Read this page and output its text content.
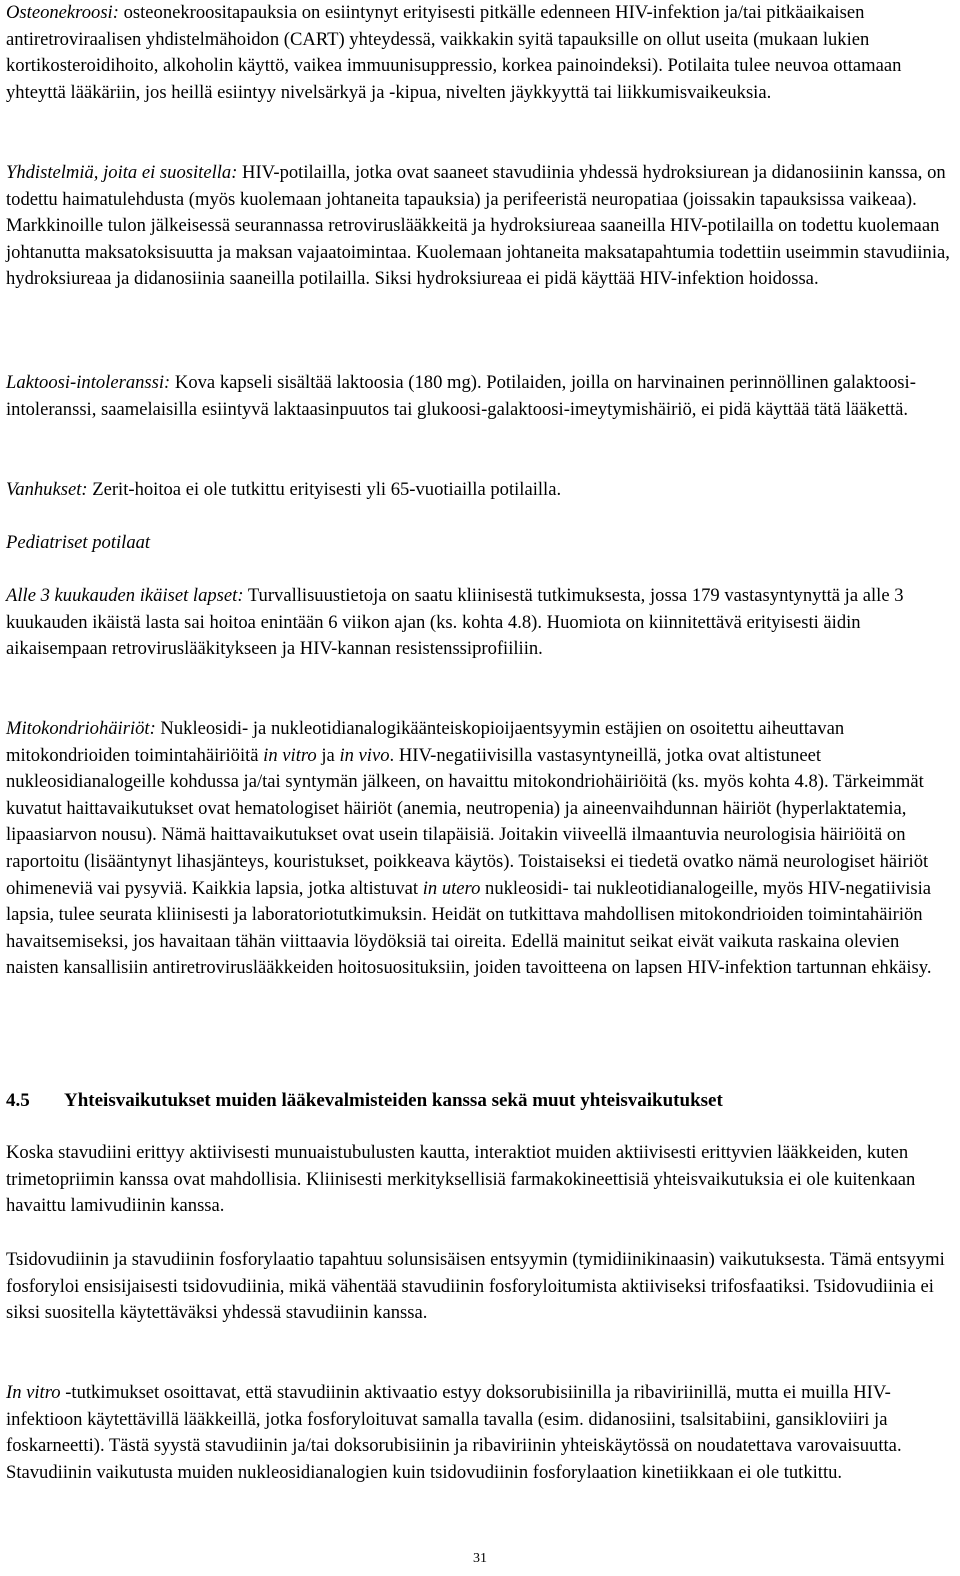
Osteonekroosi: osteonekroositapauksia on esiintynyt erityisesti pitkälle edenneen HIV-infektion ja/tai pitkäaikaisen antiretroviraalisen yhdistelmähoidon (CART) yhteydessä, vaikkakin syitä tapauksille on ollut useita (mukaan lukien kortikosteroidihoito, alkoholin käyttö, vaikea immuunisuppressio, korkea painoindeksi). Potilaita tulee neuvoa ottamaan yhteyttä lääkäriin, jos heillä esiintyy nivelsärkyä ja -kipua, nivelten jäykkyyttä tai liikkumisvaikeuksia.

Yhdistelmiä, joita ei suositella: HIV-potilailla, jotka ovat saaneet stavudiinia yhdessä hydroksiurean ja didanosiinin kanssa, on todettu haimatulehdusta (myös kuolemaan johtaneita tapauksia) ja perifeeristä neuropatiaa (joissakin tapauksissa vaikeaa). Markkinoille tulon jälkeisessä seurannassa retroviruslääkkeitä ja hydroksiureaa saaneilla HIV-potilailla on todettu kuolemaan johtanutta maksatoksisuutta ja maksan vajaatoimintaa. Kuolemaan johtaneita maksatapahtumia todettiin useimmin stavudiinia, hydroksiureaa ja didanosiinia saaneilla potilailla. Siksi hydroksiureaa ei pidä käyttää HIV-infektion hoidossa.

Laktoosi-intoleranssi: Kova kapseli sisältää laktoosia (180 mg). Potilaiden, joilla on harvinainen perinnöllinen galaktoosi-intoleranssi, saamelaisilla esiintyvä laktaasinpuutos tai glukoosi-galaktoosi-imeytymishäiriö, ei pidä käyttää tätä lääkettä.

Vanhukset: Zerit-hoitoa ei ole tutkittu erityisesti yli 65-vuotiailla potilailla.

Pediatriset potilaat

Alle 3 kuukauden ikäiset lapset: Turvallisuustietoja on saatu kliinisestä tutkimuksesta, jossa 179 vastasyntynyttä ja alle 3 kuukauden ikäistä lasta sai hoitoa enintään 6 viikon ajan (ks. kohta 4.8). Huomiota on kiinnitettävä erityisesti äidin aikaisempaan retroviruslääkitykseen ja HIV-kannan resistenssiprofiiliin.

Mitokondriohäiriöt: Nukleosidi- ja nukleotidianalogikäänteiskopioijaentsyymin estäjien on osoitettu aiheuttavan mitokondrioiden toimintahäiriöitä in vitro ja in vivo. HIV-negatiivisilla vastasyntyneillä, jotka ovat altistuneet nukleosidianalogeille kohdussa ja/tai syntymän jälkeen, on havaittu mitokondriohäiriöitä (ks. myös kohta 4.8). Tärkeimmät kuvatut haittavaikutukset ovat hematologiset häiriöt (anemia, neutropenia) ja aineenvaihdunnan häiriöt (hyperlaktatemia, lipaasiarvon nousu). Nämä haittavaikutukset ovat usein tilapäisiä. Joitakin viiveellä ilmaantuvia neurologisia häiriöitä on raportoitu (lisääntynyt lihasjänteys, kouristukset, poikkeava käytös). Toistaiseksi ei tiedetä ovatko nämä neurologiset häiriöt ohimeneviä vai pysyviä. Kaikkia lapsia, jotka altistuvat in utero nukleosidi- tai nukleotidianalogeille, myös HIV-negatiivisia lapsia, tulee seurata kliinisesti ja laboratoriotutkimuksin. Heidät on tutkittava mahdollisen mitokondrioiden toimintahäiriön havaitsemiseksi, jos havaitaan tähän viittaavia löydöksiä tai oireita. Edellä mainitut seikat eivät vaikuta raskaina olevien naisten kansallisiin antiretroviruslääkkeiden hoitosuosituksiin, joiden tavoitteena on lapsen HIV-infektion tartunnan ehkäisy.

4.5 Yhteisvaikutukset muiden lääkevalmisteiden kanssa sekä muut yhteisvaikutukset

Koska stavudiini erittyy aktiivisesti munuaistubulusten kautta, interaktiot muiden aktiivisesti erittyvien lääkkeiden, kuten trimetopriimin kanssa ovat mahdollisia. Kliinisesti merkityksellisiä farmakokineettisiä yhteisvaikutuksia ei ole kuitenkaan havaittu lamivudiinin kanssa.

Tsidovudiinin ja stavudiinin fosforylaatio tapahtuu solunsisäisen entsyymin (tymidiinikinaasin) vaikutuksesta. Tämä entsyymi fosforyloi ensisijaisesti tsidovudiinia, mikä vähentää stavudiinin fosforyloitumista aktiiviseksi trifosfaatiksi. Tsidovudiinia ei siksi suositella käytettäväksi yhdessä stavudiinin kanssa.

In vitro -tutkimukset osoittavat, että stavudiinin aktivaatio estyy doksorubisiinilla ja ribaviriinillä, mutta ei muilla HIV-infektioon käytettävillä lääkkeillä, jotka fosforyloituvat samalla tavalla (esim. didanosiini, tsalsitabiini, gansikloviiri ja foskarneetti). Tästä syystä stavudiinin ja/tai doksorubisiinin ja ribaviriinin yhteiskäytössä on noudatettava varovaisuutta. Stavudiinin vaikutusta muiden nukleosidianalogien kuin tsidovudiinin fosforylaation kinetiikkaan ei ole tutkittu.

31
